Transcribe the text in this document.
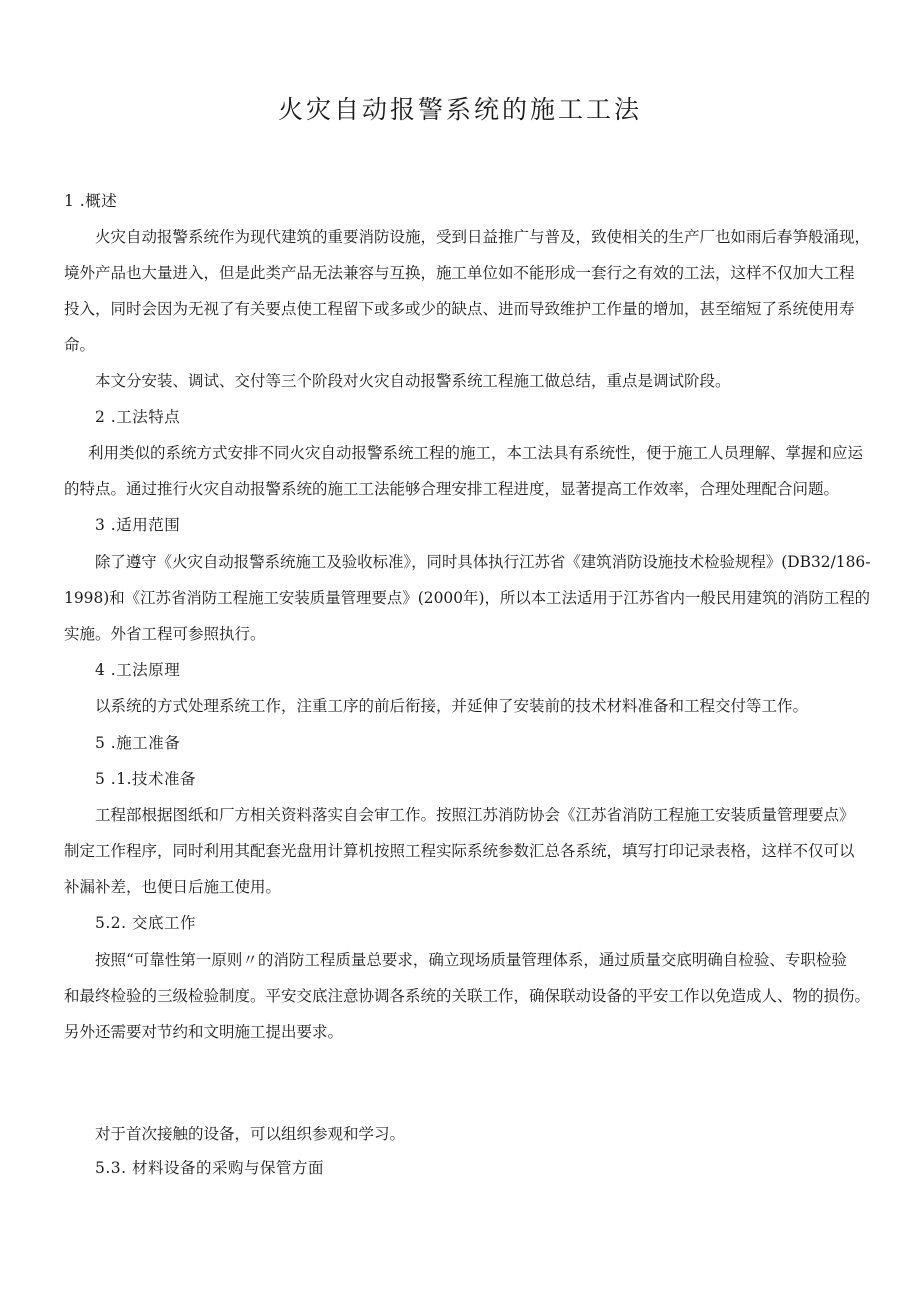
火灾自动报警系统的施工工法

1 .概述

火灾自动报警系统作为现代建筑的重要消防设施，受到日益推广与普及，致使相关的生产厂也如雨后春笋般涌现，

境外产品也大量进入，但是此类产品无法兼容与互换，施工单位如不能形成一套行之有效的工法，这样不仅加大工程

投入，同时会因为无视了有关要点使工程留下或多或少的缺点、进而导致维护工作量的增加，甚至缩短了系统使用寿

命。

本文分安装、调试、交付等三个阶段对火灾自动报警系统工程施工做总结，重点是调试阶段。

2 .工法特点

利用类似的系统方式安排不同火灾自动报警系统工程的施工，本工法具有系统性，便于施工人员理解、掌握和应运

的特点。通过推行火灾自动报警系统的施工工法能够合理安排工程进度，显著提高工作效率，合理处理配合问题。

3 .适用范围

除了遵守《火灾自动报警系统施工及验收标准》，同时具体执行江苏省《建筑消防设施技术检验规程》(DB32/186-

1998)和《江苏省消防工程施工安装质量管理要点》(2000年)，所以本工法适用于江苏省内一般民用建筑的消防工程的

实施。外省工程可参照执行。

4 .工法原理

以系统的方式处理系统工作，注重工序的前后衔接，并延伸了安装前的技术材料准备和工程交付等工作。

5 .施工准备

5 .1.技术准备

工程部根据图纸和厂方相关资料落实自会审工作。按照江苏消防协会《江苏省消防工程施工安装质量管理要点》

制定工作程序，同时利用其配套光盘用计算机按照工程实际系统参数汇总各系统，填写打印记录表格，这样不仅可以

补漏补差，也便日后施工使用。

5.2. 交底工作

按照“可靠性第一原则〃的消防工程质量总要求，确立现场质量管理体系，通过质量交底明确自检验、专职检验

和最终检验的三级检验制度。平安交底注意协调各系统的关联工作，确保联动设备的平安工作以免造成人、物的损伤。

另外还需要对节约和文明施工提出要求。

对于首次接触的设备，可以组织参观和学习。

5.3. 材料设备的采购与保管方面
